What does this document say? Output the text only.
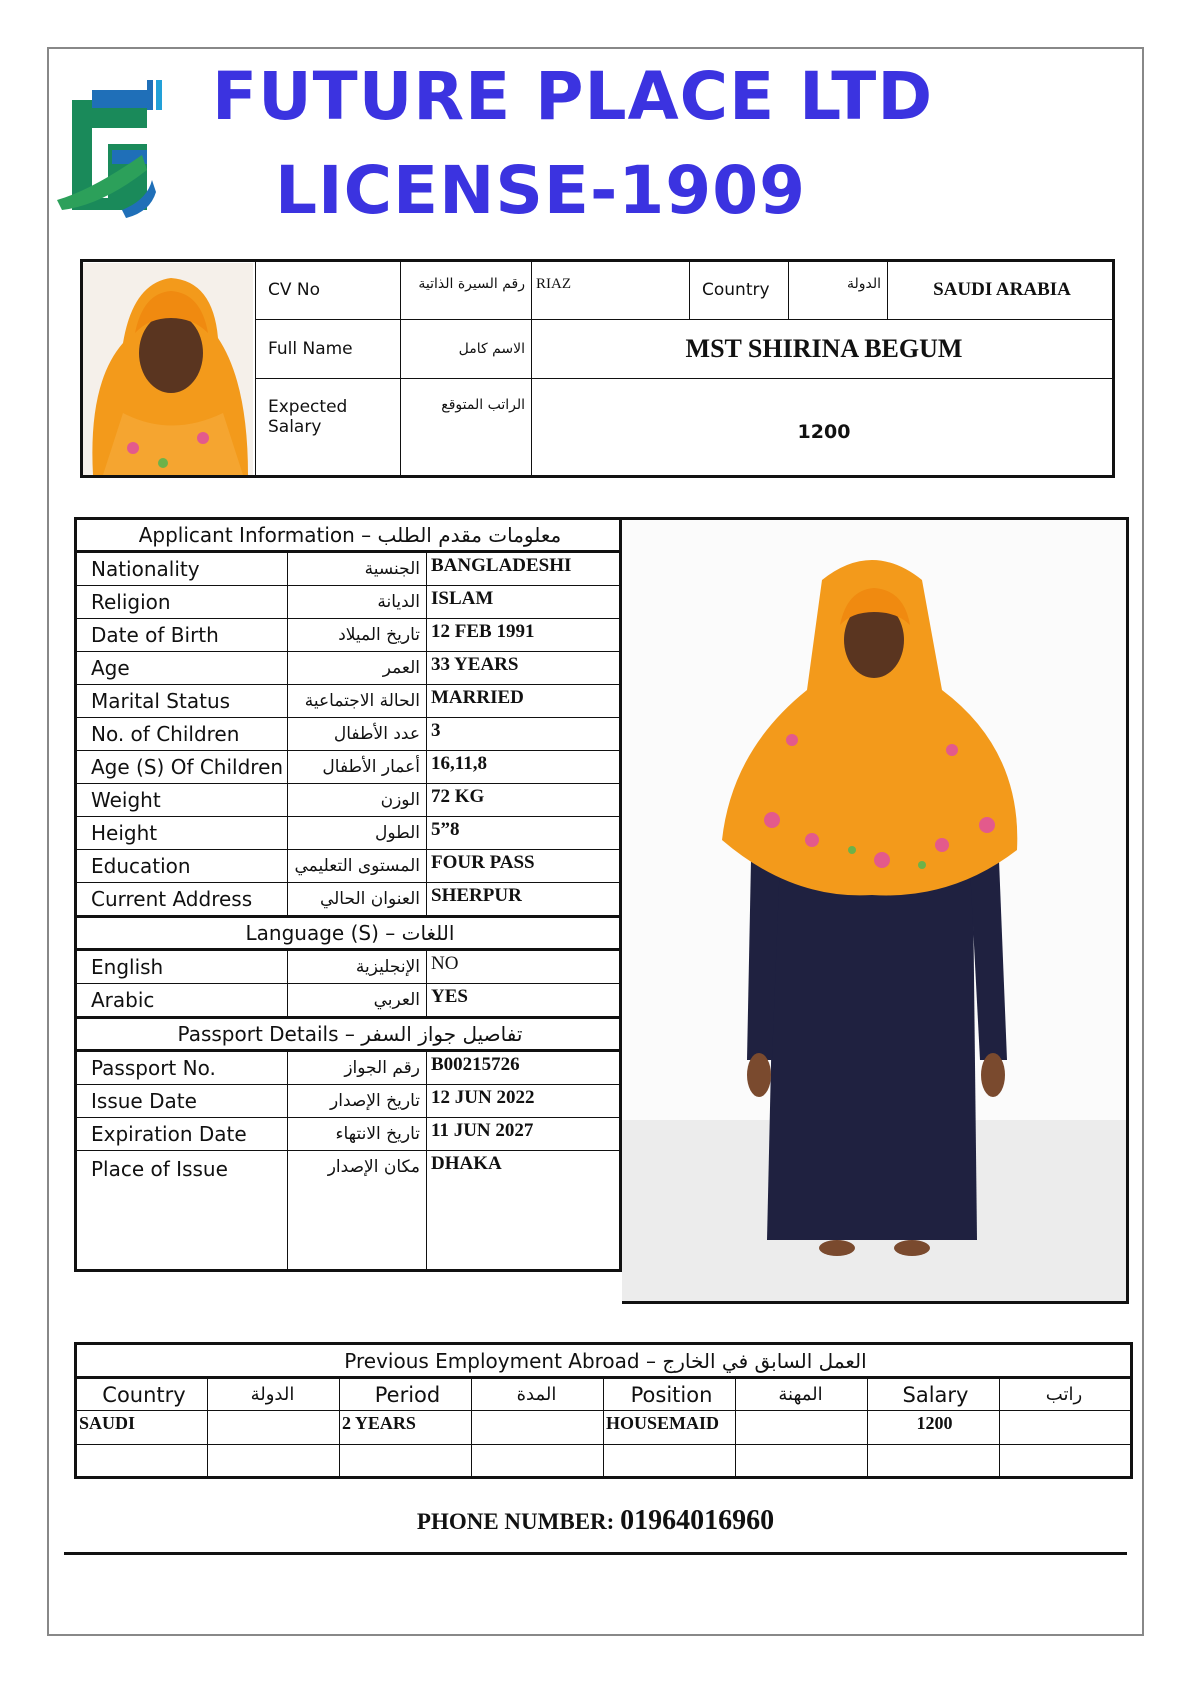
FUTURE PLACE LTD
LICENSE-1909
	CV No	رقم السيرة الذاتية	RIAZ	Country	الدولة	SAUDI ARABIA
	Full Name	الاسم كامل	MST SHIRINA BEGUM			
	Expected Salary	الراتب المتوقع	1200			
Applicant Information – معلومات مقدم الطلب		
Nationality	الجنسية	BANGLADESHI
Religion	الديانة	ISLAM
Date of Birth	تاريخ الميلاد	12 FEB 1991
Age	العمر	33 YEARS
Marital Status	الحالة الاجتماعية	MARRIED
No. of Children	عدد الأطفال	3
Age (S) Of Children	أعمار الأطفال	16,11,8
Weight	الوزن	72 KG
Height	الطول	5”8
Education	المستوى التعليمي	FOUR PASS
Current Address	العنوان الحالي	SHERPUR
Language (S) – اللغات		
English	الإنجليزية	NO
Arabic	العربي	YES
Passport Details – تفاصيل جواز السفر		
Passport No.	رقم الجواز	B00215726
Issue Date	تاريخ الإصدار	12 JUN 2022
Expiration Date	تاريخ الانتهاء	11 JUN 2027
Place of Issue	مكان الإصدار	DHAKA
Previous Employment Abroad – العمل السابق في الخارج							
Country	الدولة	Period	المدة	Position	المهنة	Salary	راتب
SAUDI		2 YEARS		HOUSEMAID		1200	

PHONE NUMBER: 01964016960
